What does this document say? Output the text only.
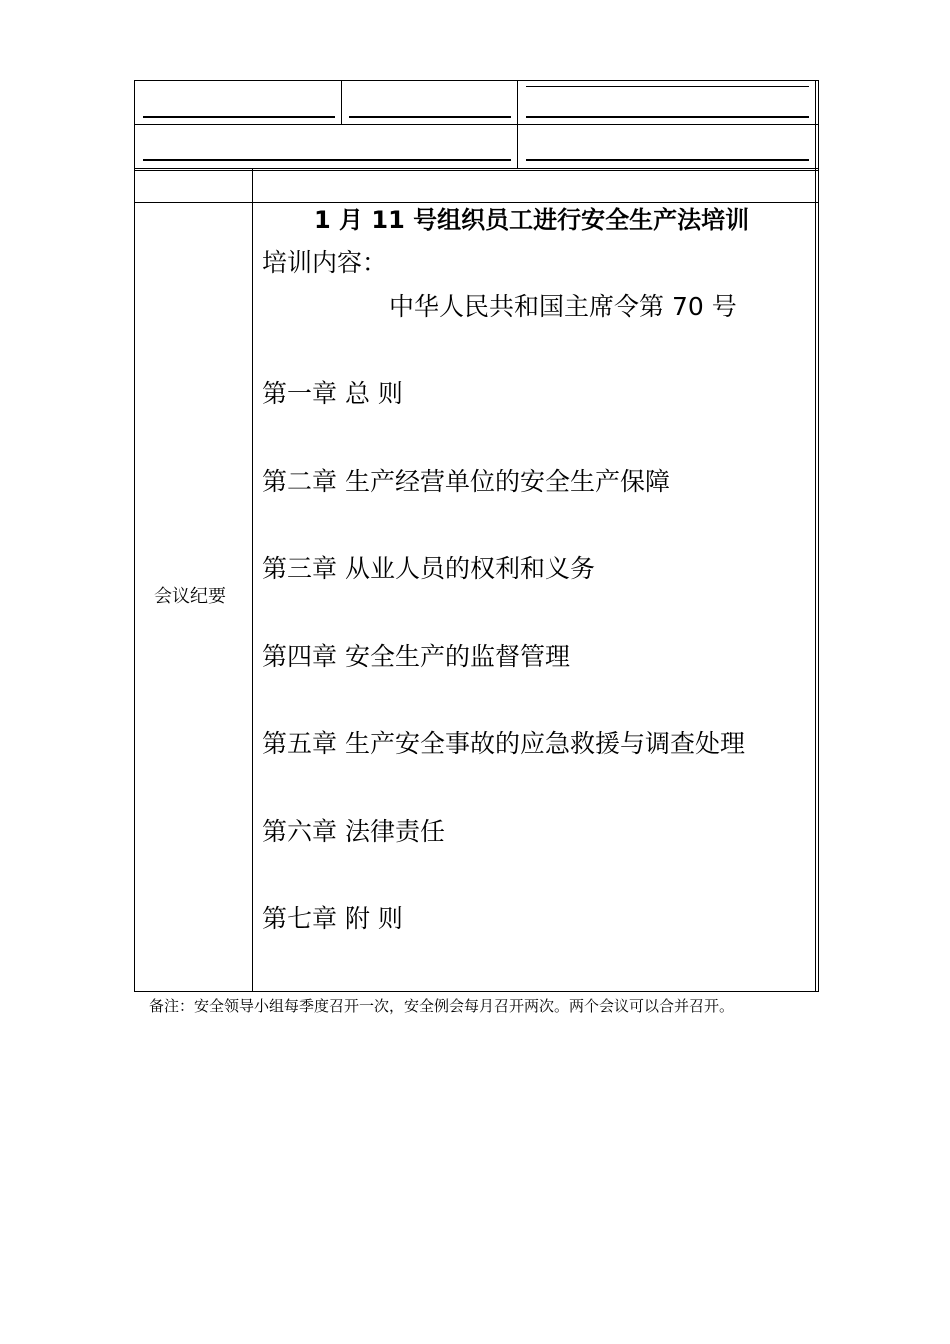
会议纪要
1 月 11 号组织员工进行安全生产法培训
培训内容：
中华人民共和国主席令第 70 号
第一章 总 则
第二章 生产经营单位的安全生产保障
第三章 从业人员的权利和义务
第四章 安全生产的监督管理
第五章 生产安全事故的应急救援与调查处理
第六章 法律责任
第七章 附 则
备注：安全领导小组每季度召开一次，安全例会每月召开两次。两个会议可以合并召开。
